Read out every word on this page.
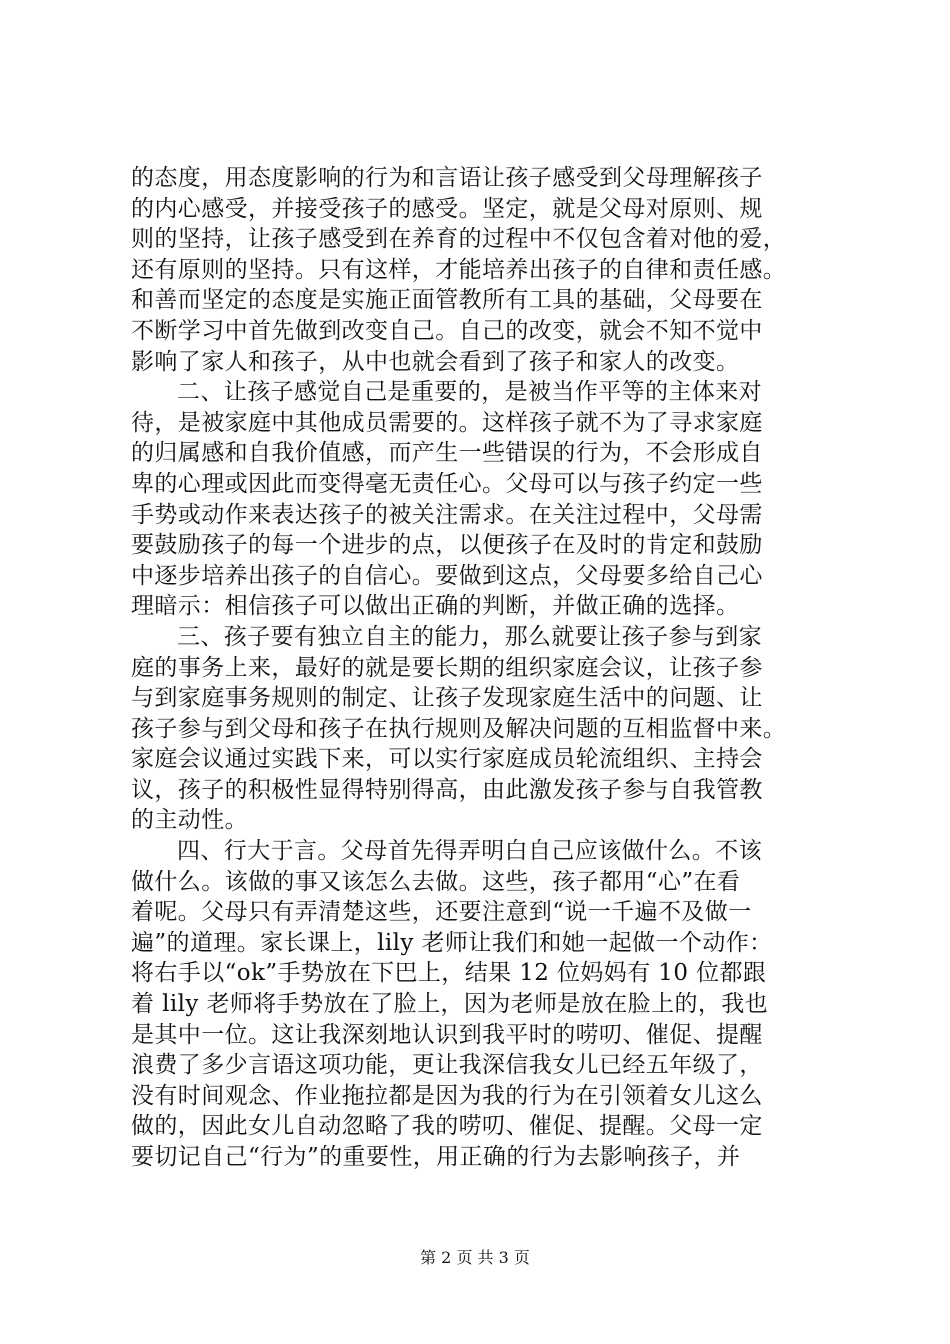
的态度，用态度影响的行为和言语让孩子感受到父母理解孩子
的内心感受，并接受孩子的感受。坚定，就是父母对原则、规
则的坚持，让孩子感受到在养育的过程中不仅包含着对他的爱，
还有原则的坚持。只有这样，才能培养出孩子的自律和责任感。
和善而坚定的态度是实施正面管教所有工具的基础，父母要在
不断学习中首先做到改变自己。自己的改变，就会不知不觉中
影响了家人和孩子，从中也就会看到了孩子和家人的改变。
二、让孩子感觉自己是重要的，是被当作平等的主体来对
待，是被家庭中其他成员需要的。这样孩子就不为了寻求家庭
的归属感和自我价值感，而产生一些错误的行为，不会形成自
卑的心理或因此而变得毫无责任心。父母可以与孩子约定一些
手势或动作来表达孩子的被关注需求。在关注过程中，父母需
要鼓励孩子的每一个进步的点，以便孩子在及时的肯定和鼓励
中逐步培养出孩子的自信心。要做到这点，父母要多给自己心
理暗示：相信孩子可以做出正确的判断，并做正确的选择。
三、孩子要有独立自主的能力，那么就要让孩子参与到家
庭的事务上来，最好的就是要长期的组织家庭会议，让孩子参
与到家庭事务规则的制定、让孩子发现家庭生活中的问题、让
孩子参与到父母和孩子在执行规则及解决问题的互相监督中来。
家庭会议通过实践下来，可以实行家庭成员轮流组织、主持会
议，孩子的积极性显得特别得高，由此激发孩子参与自我管教
的主动性。
四、行大于言。父母首先得弄明白自己应该做什么。不该
做什么。该做的事又该怎么去做。这些，孩子都用“心”在看
着呢。父母只有弄清楚这些，还要注意到“说一千遍不及做一
遍”的道理。家长课上，lily 老师让我们和她一起做一个动作：
将右手以“ok”手势放在下巴上，结果 12 位妈妈有 10 位都跟
着 lily 老师将手势放在了脸上，因为老师是放在脸上的，我也
是其中一位。这让我深刻地认识到我平时的唠叨、催促、提醒
浪费了多少言语这项功能，更让我深信我女儿已经五年级了，
没有时间观念、作业拖拉都是因为我的行为在引领着女儿这么
做的，因此女儿自动忽略了我的唠叨、催促、提醒。父母一定
要切记自己“行为”的重要性，用正确的行为去影响孩子，并
第 2 页 共 3 页
